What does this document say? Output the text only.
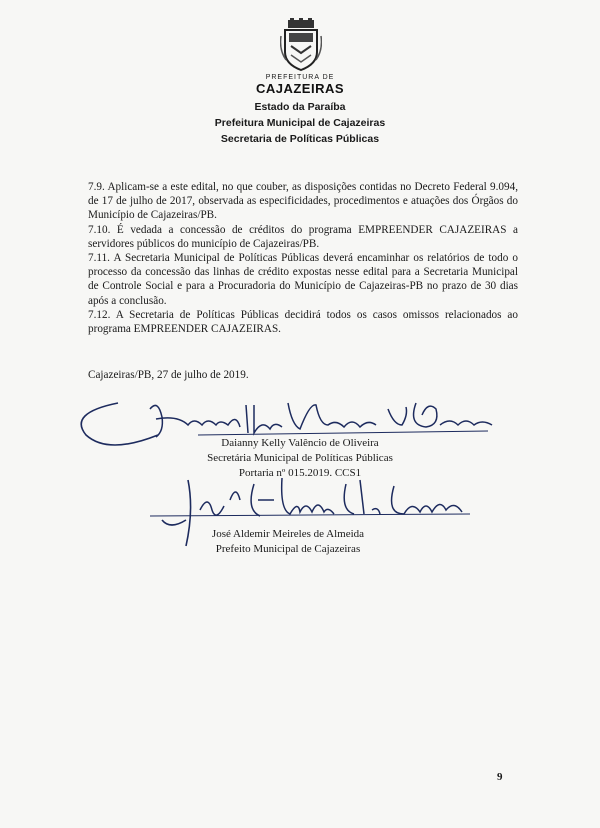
PREFEITURA DE
CAJAZEIRAS
Estado da Paraíba
Prefeitura Municipal de Cajazeiras
Secretaria de Políticas Públicas

7.9. Aplicam-se a este edital, no que couber, as disposições contidas no Decreto Federal 9.094, de 17 de julho de 2017, observada as especificidades, procedimentos e atuações dos Órgãos do Município de Cajazeiras/PB.

7.10. É vedada a concessão de créditos do programa EMPREENDER CAJAZEIRAS a servidores públicos do município de Cajazeiras/PB.

7.11. A Secretaria Municipal de Políticas Públicas deverá encaminhar os relatórios de todo o processo da concessão das linhas de crédito expostas nesse edital para a Secretaria Municipal de Controle Social e para a Procuradoria do Município de Cajazeiras-PB no prazo de 30 dias após a conclusão.

7.12. A Secretaria de Políticas Públicas decidirá todos os casos omissos relacionados ao programa EMPREENDER CAJAZEIRAS.

Cajazeiras/PB, 27 de julho de 2019.
Daianny Kelly Valêncio de Oliveira
Secretária Municipal de Políticas Públicas
Portaria nº 015.2019. CCS1
José Aldemir Meireles de Almeida
Prefeito Municipal de Cajazeiras
9
